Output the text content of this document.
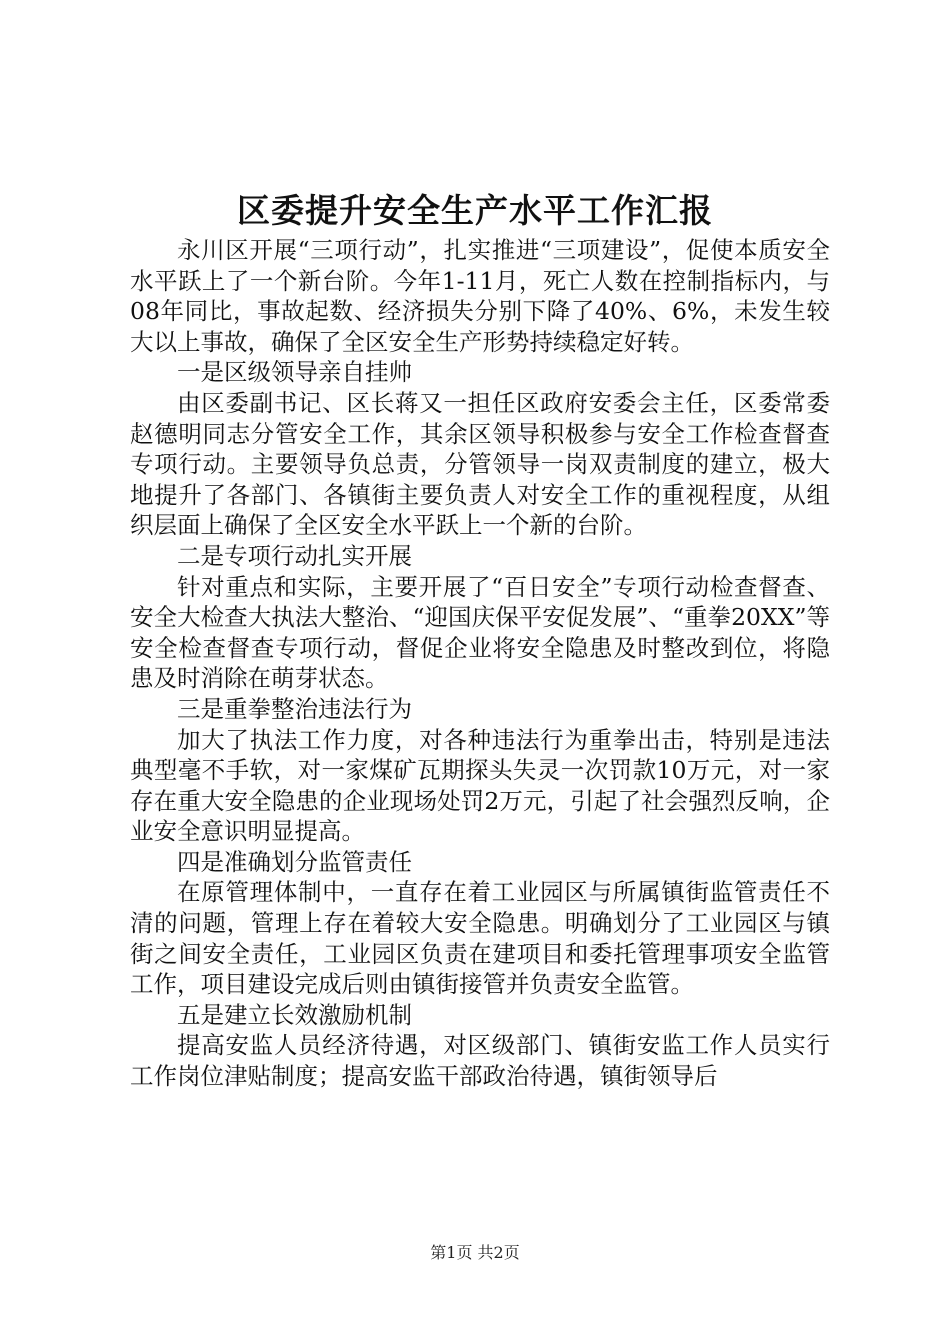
区委提升安全生产水平工作汇报

永川区开展“三项行动”，扎实推进“三项建设”，促使本质安全水平跃上了一个新台阶。今年1-11月，死亡人数在控制指标内，与08年同比，事故起数、经济损失分别下降了40%、6%，未发生较大以上事故，确保了全区安全生产形势持续稳定好转。

一是区级领导亲自挂帅

由区委副书记、区长蒋又一担任区政府安委会主任，区委常委赵德明同志分管安全工作，其余区领导积极参与安全工作检查督查专项行动。主要领导负总责，分管领导一岗双责制度的建立，极大地提升了各部门、各镇街主要负责人对安全工作的重视程度，从组织层面上确保了全区安全水平跃上一个新的台阶。

二是专项行动扎实开展

针对重点和实际，主要开展了“百日安全”专项行动检查督查、安全大检查大执法大整治、“迎国庆保平安促发展”、“重拳20XX”等安全检查督查专项行动，督促企业将安全隐患及时整改到位，将隐患及时消除在萌芽状态。

三是重拳整治违法行为

加大了执法工作力度，对各种违法行为重拳出击，特别是违法典型毫不手软，对一家煤矿瓦期探头失灵一次罚款10万元，对一家存在重大安全隐患的企业现场处罚2万元，引起了社会强烈反响，企业安全意识明显提高。

四是准确划分监管责任

在原管理体制中，一直存在着工业园区与所属镇街监管责任不清的问题，管理上存在着较大安全隐患。明确划分了工业园区与镇街之间安全责任，工业园区负责在建项目和委托管理事项安全监管工作，项目建设完成后则由镇街接管并负责安全监管。

五是建立长效激励机制

提高安监人员经济待遇，对区级部门、镇街安监工作人员实行工作岗位津贴制度；提高安监干部政治待遇，镇街领导后

第1页 共2页
